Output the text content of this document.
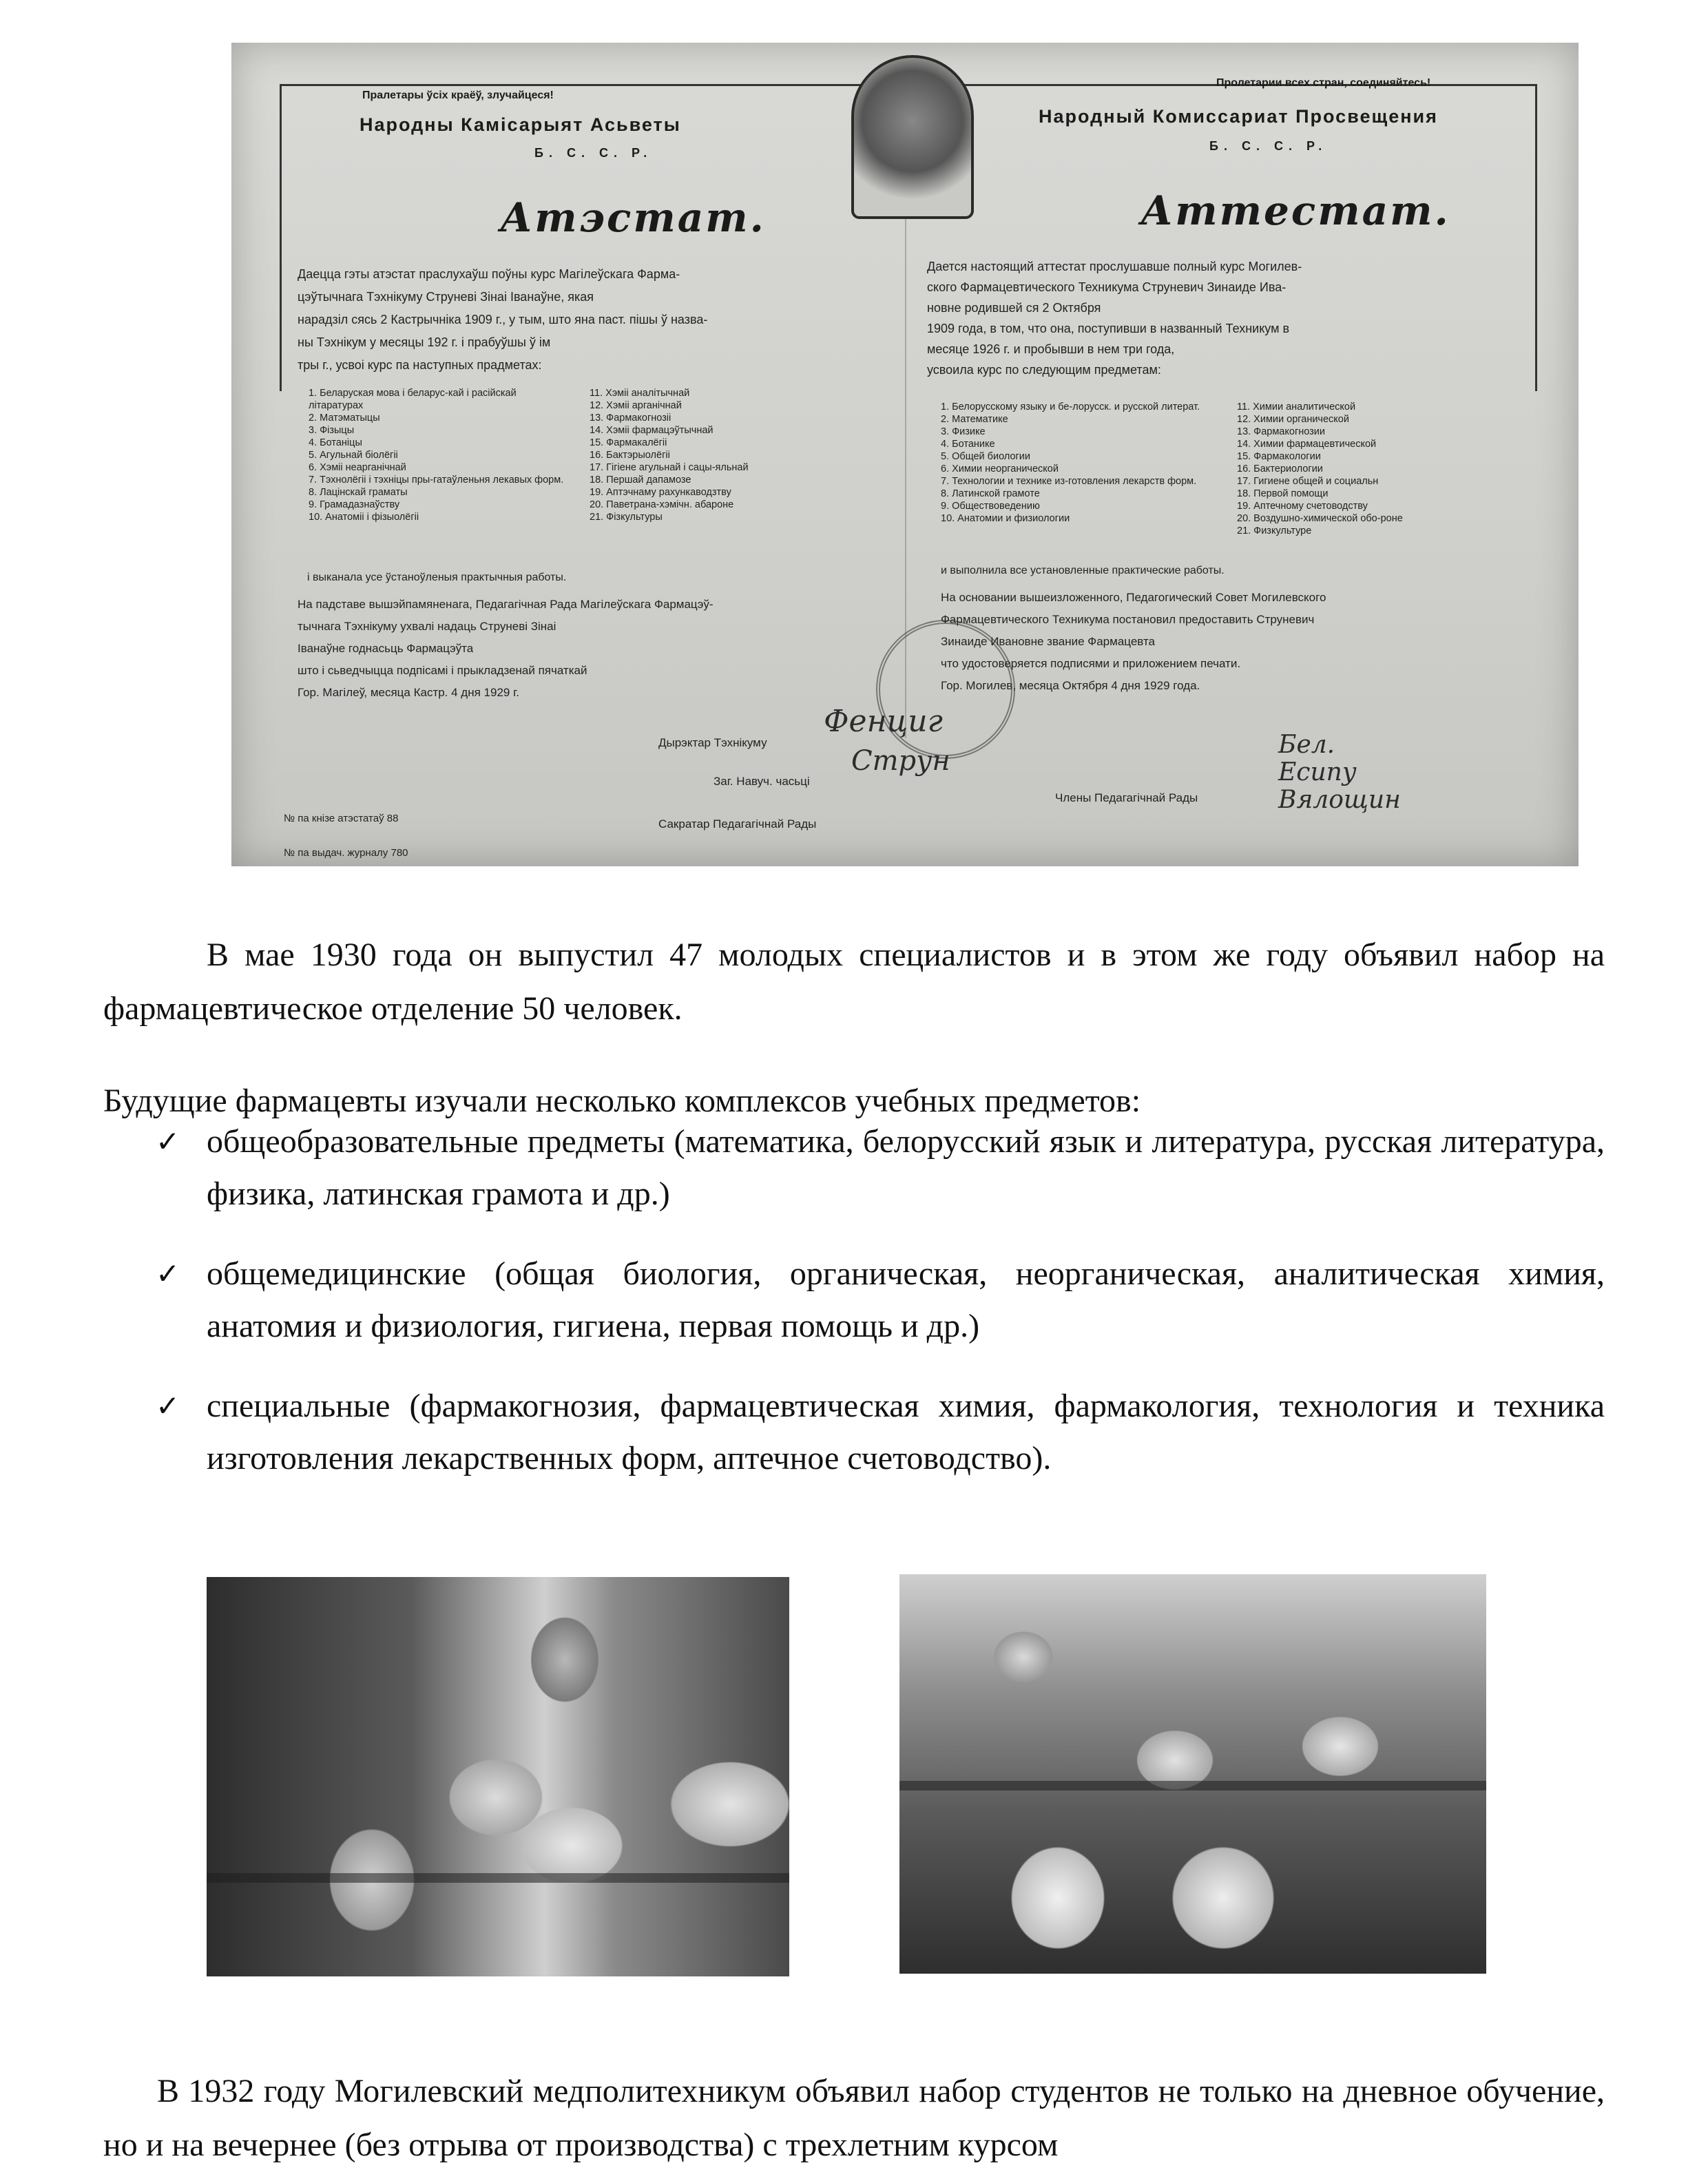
Пралетары ўсіх краёў, злучайцеся!
Народны Камісарыят Асьветы
Б. С. С. Р.
Пролетарии всех стран, соединяйтесь!
Народный Комиссариат Просвещения
Б. С. С. Р.
Атэстат.	Аттестат.
Даецца гэты атэстат праслухаўш поўны курс Магілеўскага Фарма-
цэўтычнага Тэхнікуму Струневі Зінаі Іванаўне, якая
нарадзіл сясь 2 Кастрычніка 1909 г., у тым, што яна паст. пішы ў назва-
ны Тэхнікум у месяцы 192 г. і прабуўшы ў ім
тры г., усвоі курс па наступных прадметах:
Дается настоящий аттестат прослушавше полный курс Могилев-
ского Фармацевтического Техникума Струневич Зинаиде Ива-
новне родившей ся 2 Октября
1909 года, в том, что она, поступивши в названный Техникум в
месяце 1926 г. и пробывши в нем три года,
усвоила курс по следующим предметам:
1. Беларуская мова і беларус-кай і расійскай літаратурах
2. Матэматыцы
3. Фізыцы
4. Ботаніцы
5. Агульнай біолёгіі
6. Хэміі неарганічнай
7. Тэхнолёгіі і тэхніцы пры-гатаўленьня лекавых форм.
8. Лацінскай граматы
9. Грамадазнаўству
10. Анатоміі і фізыолёгіі
11. Хэміі аналітычнай
12. Хэміі арганічнай
13. Фармакогнозіі
14. Хэміі фармацэўтычнай
15. Фармакалёгіі
16. Бактэрыолёгіі
17. Гігіене агульнай і сацы-яльнай
18. Першай дапамозе
19. Аптэчнаму рахункаводзтву
20. Паветрана-хэмічн. абароне
21. Фізкультуры
1. Белорусскому языку и бе-лорусск. и русской литерат.
2. Математике
3. Физике
4. Ботанике
5. Общей биологии
6. Химии неорганической
7. Технологии и технике из-готовления лекарств форм.
8. Латинской грамоте
9. Обществоведению
10. Анатомии и физиологии
11. Химии аналитической
12. Химии органической
13. Фармакогнозии
14. Химии фармацевтической
15. Фармакологии
16. Бактериологии
17. Гигиене общей и социальн
18. Первой помощи
19. Аптечному счетоводству
20. Воздушно-химической обо-роне
21. Физкультуре
і выканала усе ўстаноўленыя практычныя работы.
и выполнила все установленные практические работы.
На падставе вышэйпамяненага, Педагагічная Рада Магілеўскага Фармацэў-
тычнага Тэхнікуму ухвалі надаць Струневі Зінаі
Іванаўне годнасьць Фармацэўта
што і сьведчыцца подпісамі і прыкладзенай пячаткай
Гор. Магілеў, месяца Кастр. 4 дня 1929 г.
На основании вышеизложенного, Педагогический Совет Могилевского
Фармацевтического Техникума постановил предоставить Струневич
Зинаиде Ивановне звание Фармацевта
что удостоверяется подписями и приложением печати.
Гор. Могилев, месяца Октября 4 дня 1929 года.
Дырэктар Тэхнікуму
Фенциг
Заг. Навуч. часьці
Струн
Сакратар Педагагічнай Рады
Члены Педагагічнай Рады
Бел.
Есипу
Вялощин
№ па кнізе атэстатаў 88
№ па выдач. журналу 780

В мае 1930 года он выпустил 47 молодых специалистов и в этом же году объявил набор на фармацевтическое отделение 50 человек.

Будущие фармацевты изучали несколько комплексов учебных предметов:

✓ общеобразовательные предметы (математика, белорусский язык и литература, русская литература, физика, латинская грамота и др.)
✓ общемедицинские (общая биология, органическая, неорганическая, аналитическая химия, анатомия и физиология, гигиена, первая помощь и др.)
✓ специальные (фармакогнозия, фармацевтическая химия, фармакология, технология и техника изготовления лекарственных форм, аптечное счетоводство).

В 1932 году Могилевский медполитехникум объявил набор студентов не только на дневное обучение, но и на вечернее (без отрыва от производства) с трехлетним курсом
